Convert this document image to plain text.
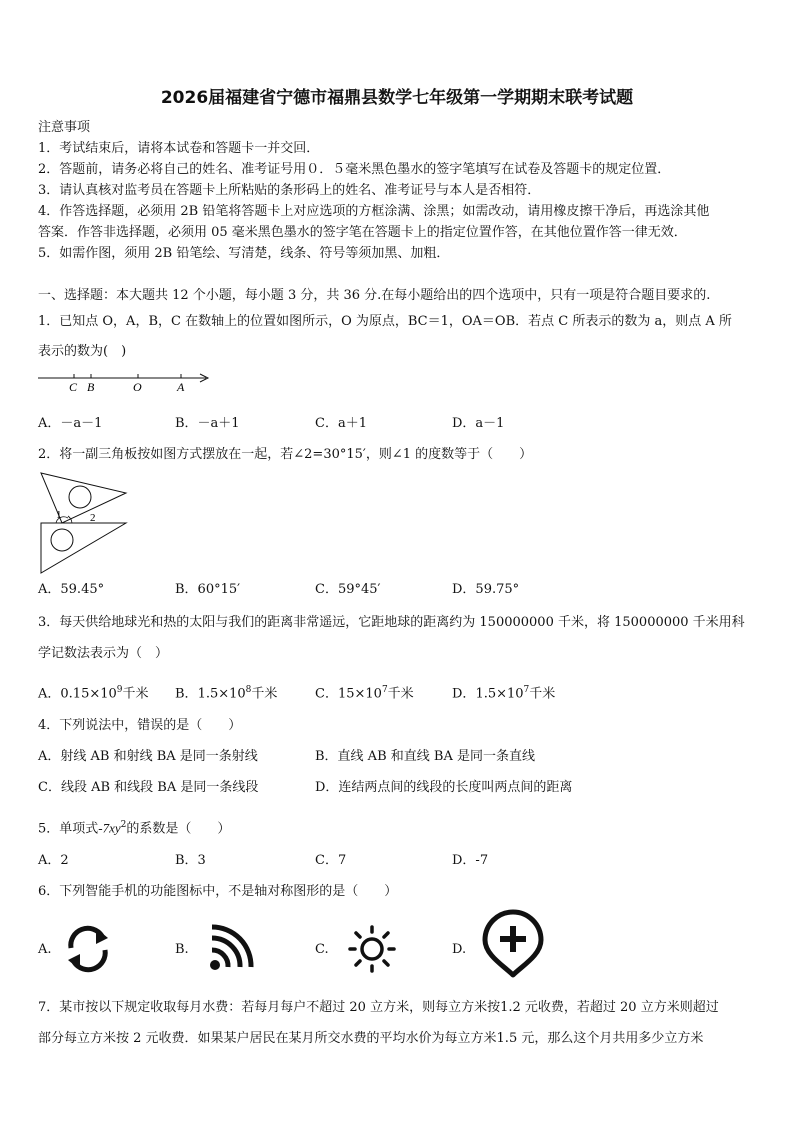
2026届福建省宁德市福鼎县数学七年级第一学期期末联考试题
注意事项
1．考试结束后，请将本试卷和答题卡一并交回．
2．答题前，请务必将自己的姓名、准考证号用０．５毫米黑色墨水的签字笔填写在试卷及答题卡的规定位置．
3．请认真核对监考员在答题卡上所粘贴的条形码上的姓名、准考证号与本人是否相符．
4．作答选择题，必须用 2B 铅笔将答题卡上对应选项的方框涂满、涂黑；如需改动，请用橡皮擦干净后，再选涂其他
答案．作答非选择题，必须用 05 毫米黑色墨水的签字笔在答题卡上的指定位置作答，在其他位置作答一律无效．
5．如需作图，须用 2B 铅笔绘、写清楚，线条、符号等须加黑、加粗．
一、选择题：本大题共 12 个小题，每小题 3 分，共 36 分.在每小题给出的四个选项中，只有一项是符合题目要求的.
1．已知点 O，A，B，C 在数轴上的位置如图所示，O 为原点，BC＝1，OA＝OB．若点 C 所表示的数为 a，则点 A 所
表示的数为(　)
C B	O	A
A．－a－1	B．－a＋1	C．a＋1	D．a－1
2．将一副三角板按如图方式摆放在一起，若∠2=30°15′，则∠1 的度数等于（　　）
1	2
A．59.45°	B．60°15′	C．59°45′	D．59.75°
3．每天供给地球光和热的太阳与我们的距离非常遥远，它距地球的距离约为 150000000 千米，将 150000000 千米用科
学记数法表示为（　）
A．$0.15\times 10^9$千米 B．$1.5\times 10^8$千米	C．$15\times 10^7$千米	D．$1.5\times 10^7$千米
4．下列说法中，错误的是（　　）
A．射线 AB 和射线 BA 是同一条射线	B．直线 AB 和直线 BA 是同一条直线
C．线段 AB 和线段 BA 是同一条线段	D．连结两点间的线段的长度叫两点间的距离
5．单项式$-7xy^2$的系数是（　　）
A．2	B．3	C．7	D．-7
6．下列智能手机的功能图标中，不是轴对称图形的是（　　）
A.	B.	C.	D.
7．某市按以下规定收取每月水费：若每月每户不超过 20 立方米，则每立方米按1.2 元收费，若超过 20 立方米则超过
部分每立方米按 2 元收费．如果某户居民在某月所交水费的平均水价为每立方米1.5 元，那么这个月共用多少立方米
